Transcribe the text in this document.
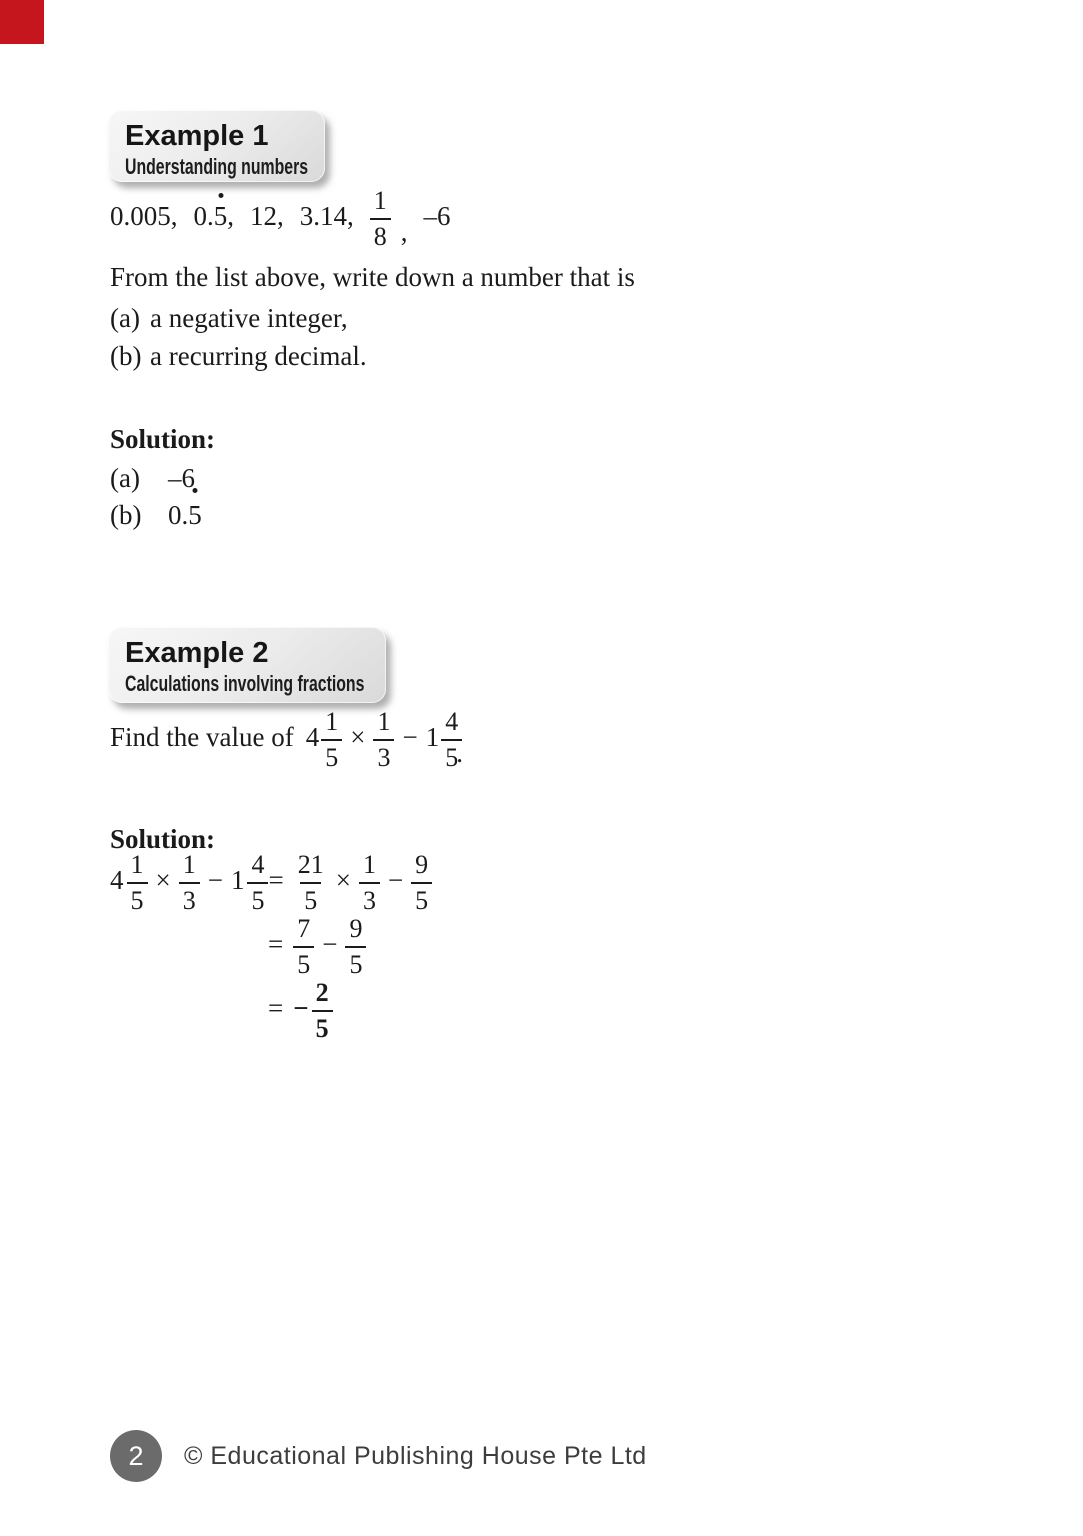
Example 1
Understanding numbers
0.005, 0.5, 12, 3.14, $\frac{1}{8}$ ,
–6
From the list above, write down a number that is
(a) a negative integer,
(b) a recurring decimal.
Solution:
(a)	–6
(b) 0.5
Example 2
Calculations involving fractions
Find the value of $4 \frac{1}{5} \times \frac{1}{3} - 1 \frac{4}{5}$
.
Solution:
$4 \frac{1}{5} \times \frac{1}{3} - 1 \frac{4}{5} = \frac{21}{5} \times \frac{1}{3} - \frac{9}{5}$
= $\frac{7}{5} - \frac{9}{5}$
= − $\frac{2}{5}$
2 © Educational Publishing House Pte Ltd
